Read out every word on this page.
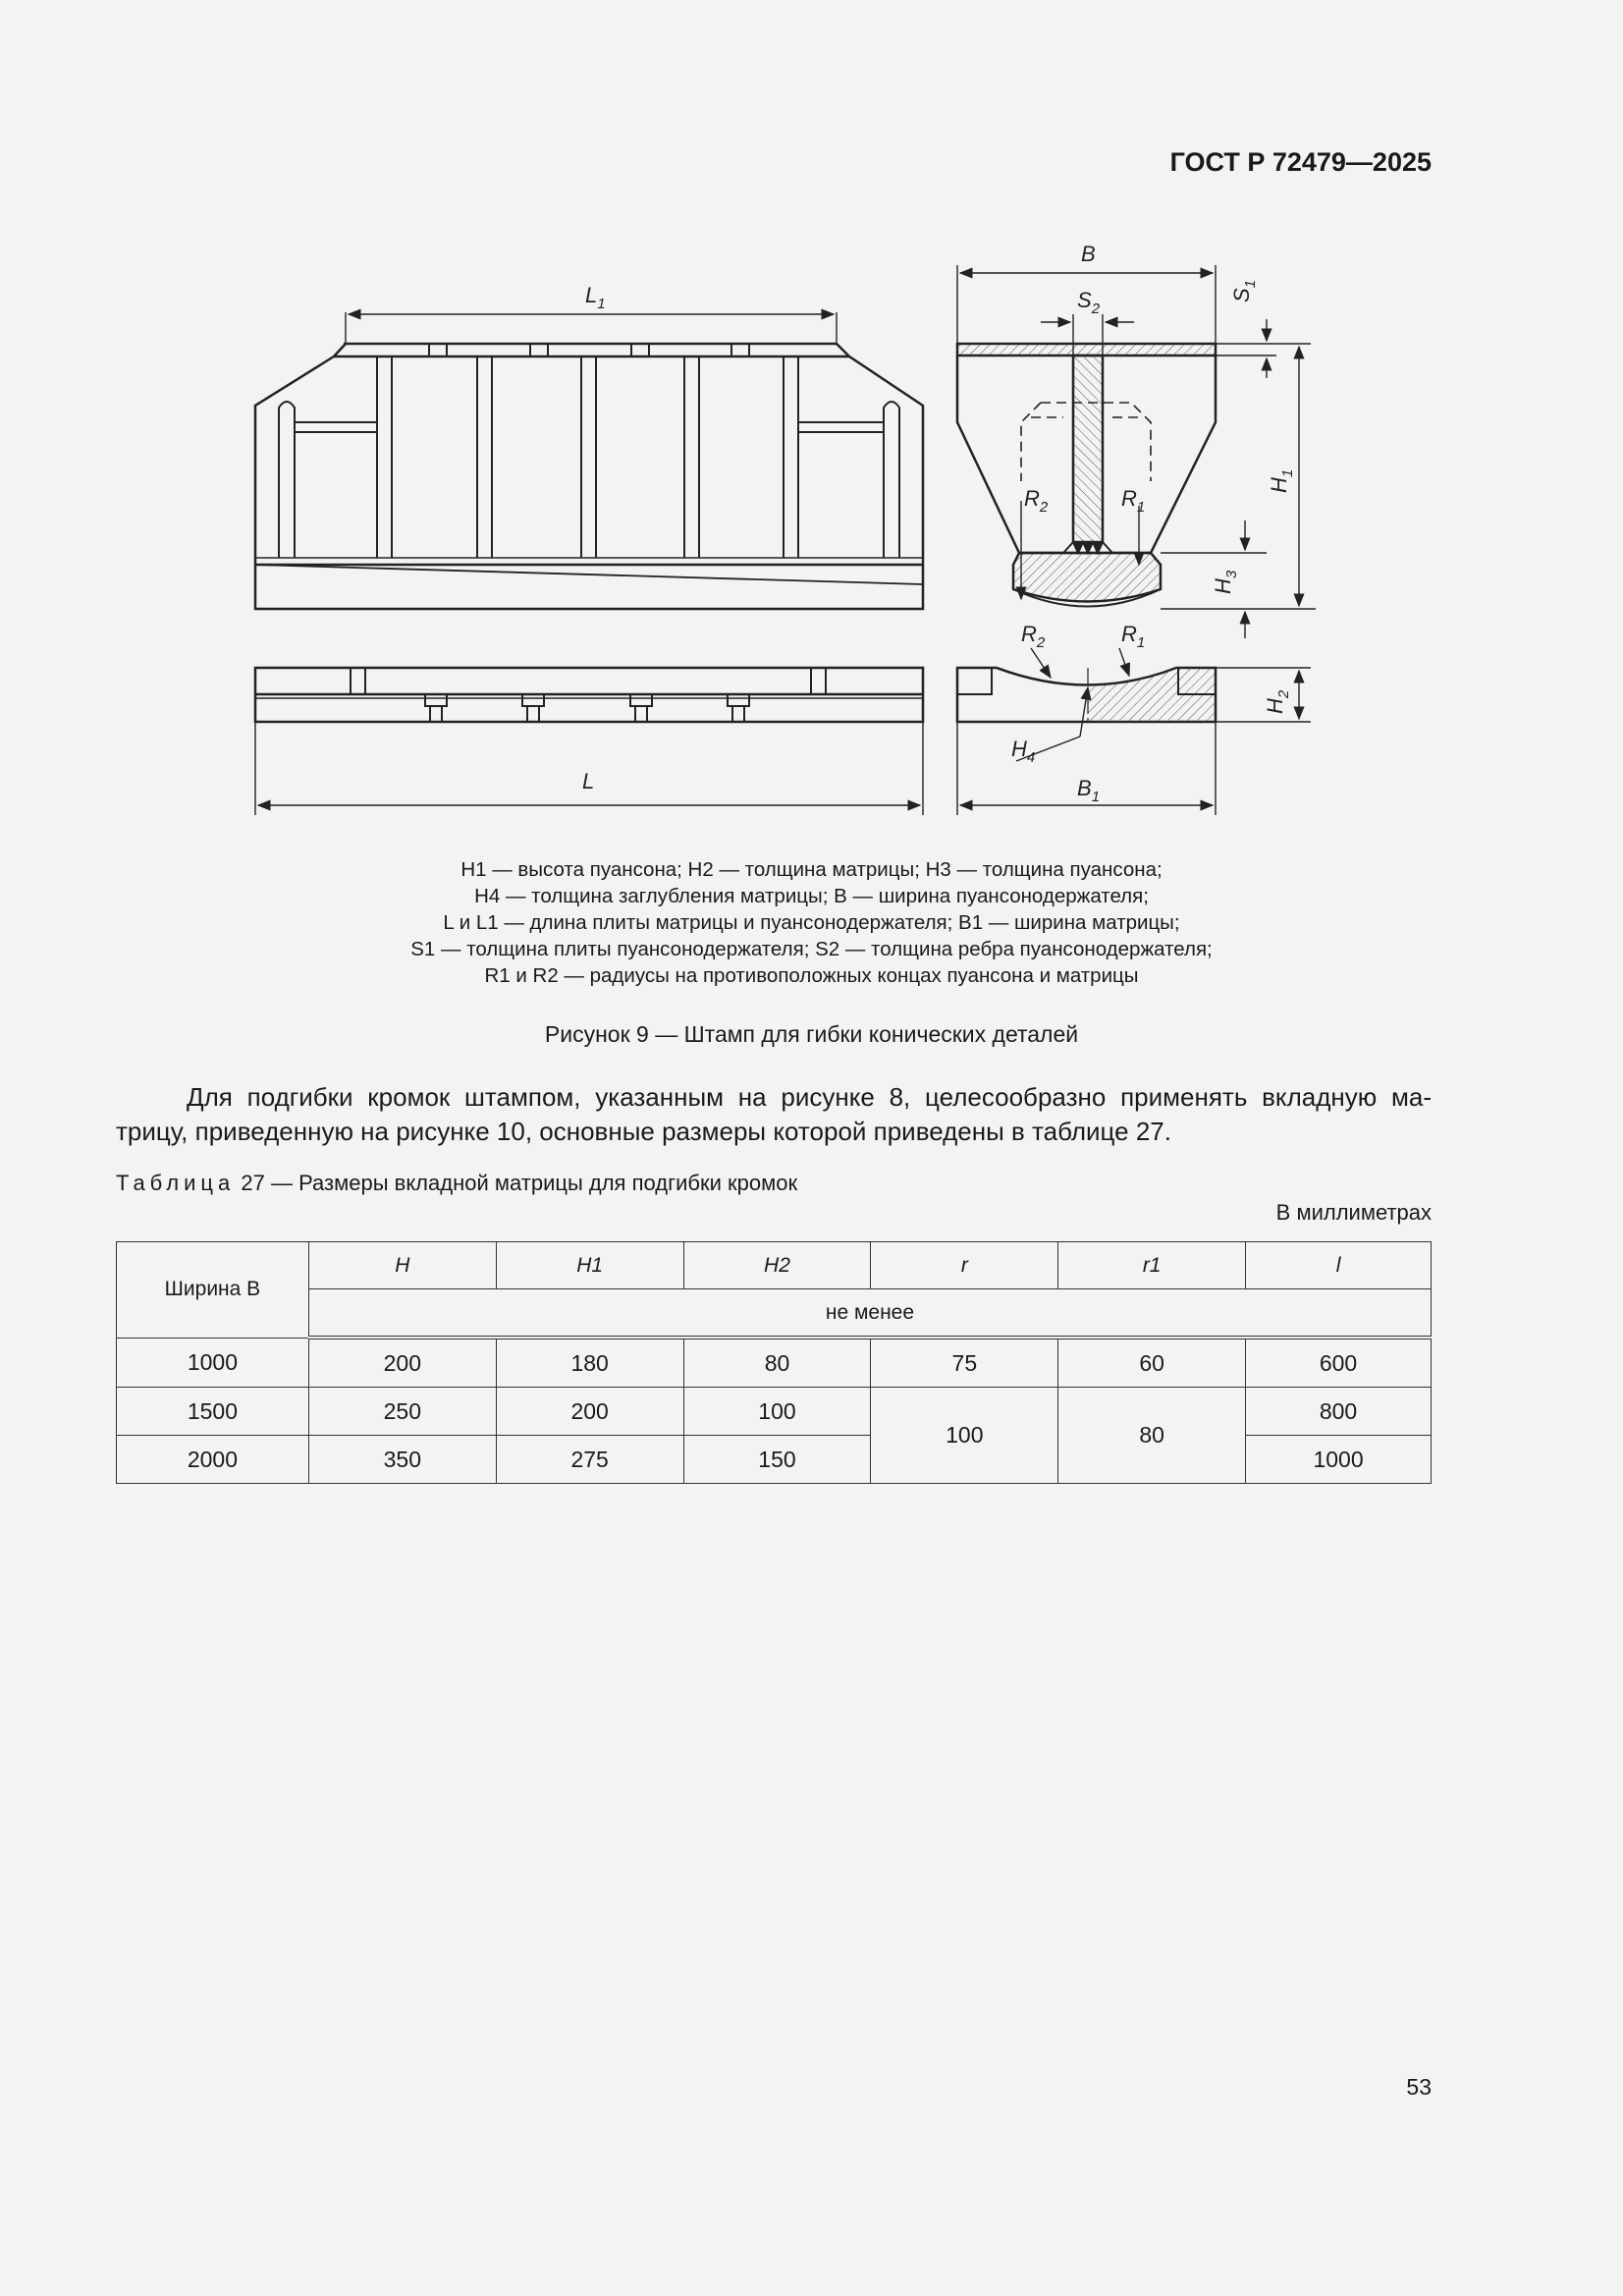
ГОСТ Р 72479—2025
$L_1$
L
B
$S_2$
$S_1$
$H_1$
$H_3$
$H_2$
$R_2$	$R_1$
$R_2$	$R_1$
$H_4$
$B_1$
H1 — высота пуансона; H2 — толщина матрицы; H3 — толщина пуансона;
H4 — толщина заглубления матрицы; B — ширина пуансонодержателя;
L и L1 — длина плиты матрицы и пуансонодержателя; B1 — ширина матрицы;
S1 — толщина плиты пуансонодержателя; S2 — толщина ребра пуансонодержателя;
R1 и R2 — радиусы на противоположных концах пуансона и матрицы
Рисунок 9 — Штамп для гибки конических деталей
Для подгибки кромок штампом, указанным на рисунке 8, целесообразно применять вкладную ма-
трицу, приведенную на рисунке 10, основные размеры которой приведены в таблице 27.
Таблица 27 — Размеры вкладной матрицы для подгибки кромок
В миллиметрах
Ширина B	H	H1	H2	r	r1	l
	не менее					
1000	200	180	80	75	60	600
1500	250	200	100	100	80	800
2000	350	275	150			1000
53
